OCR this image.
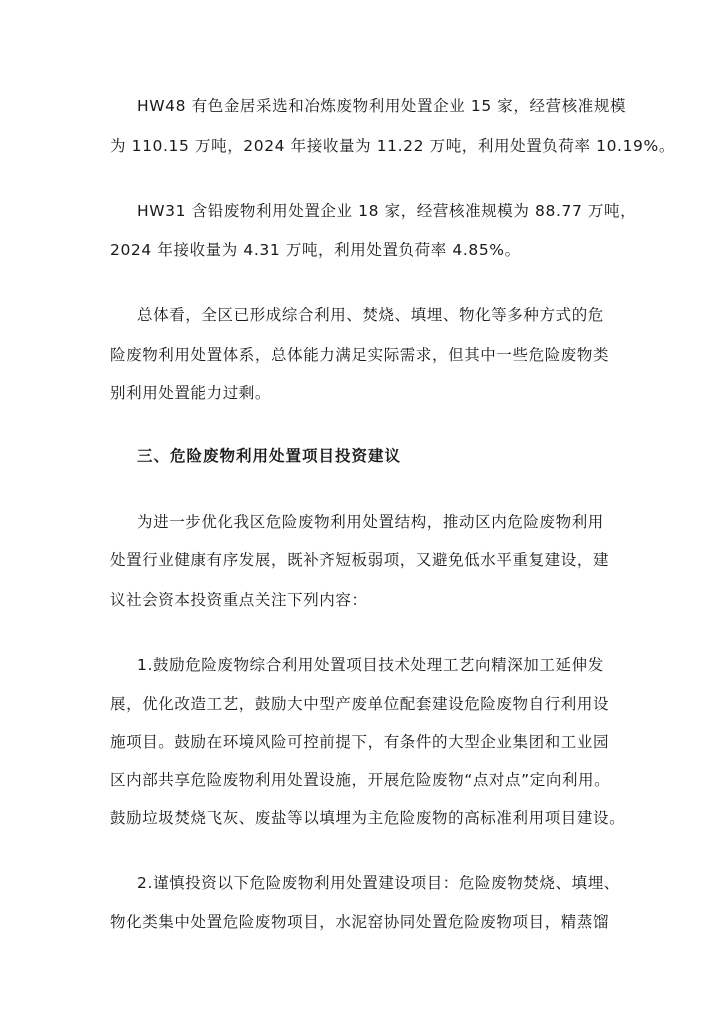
HW48 有色金居采选和冶炼废物利用处置企业 15 家，经营核准规模
为 110.15 万吨，2024 年接收量为 11.22 万吨，利用处置负荷率 10.19%。
HW31 含铅废物利用处置企业 18 家，经营核准规模为 88.77 万吨，
2024 年接收量为 4.31 万吨，利用处置负荷率 4.85%。
总体看，全区已形成综合利用、焚烧、填埋、物化等多种方式的危
险废物利用处置体系，总体能力满足实际需求，但其中一些危险废物类
别利用处置能力过剩。
三、危险废物利用处置项目投资建议
为进一步优化我区危险废物利用处置结构，推动区内危险废物利用
处置行业健康有序发展，既补齐短板弱项，又避免低水平重复建设，建
议社会资本投资重点关注下列内容：
1.鼓励危险废物综合利用处置项目技术处理工艺向精深加工延伸发
展，优化改造工艺，鼓励大中型产废单位配套建设危险废物自行利用设
施项目。鼓励在环境风险可控前提下，有条件的大型企业集团和工业园
区内部共享危险废物利用处置设施，开展危险废物“点对点”定向利用。
鼓励垃圾焚烧飞灰、废盐等以填埋为主危险废物的高标准利用项目建设。
2.谨慎投资以下危险废物利用处置建设项目：危险废物焚烧、填埋、
物化类集中处置危险废物项目，水泥窑协同处置危险废物项目，精蒸馏
